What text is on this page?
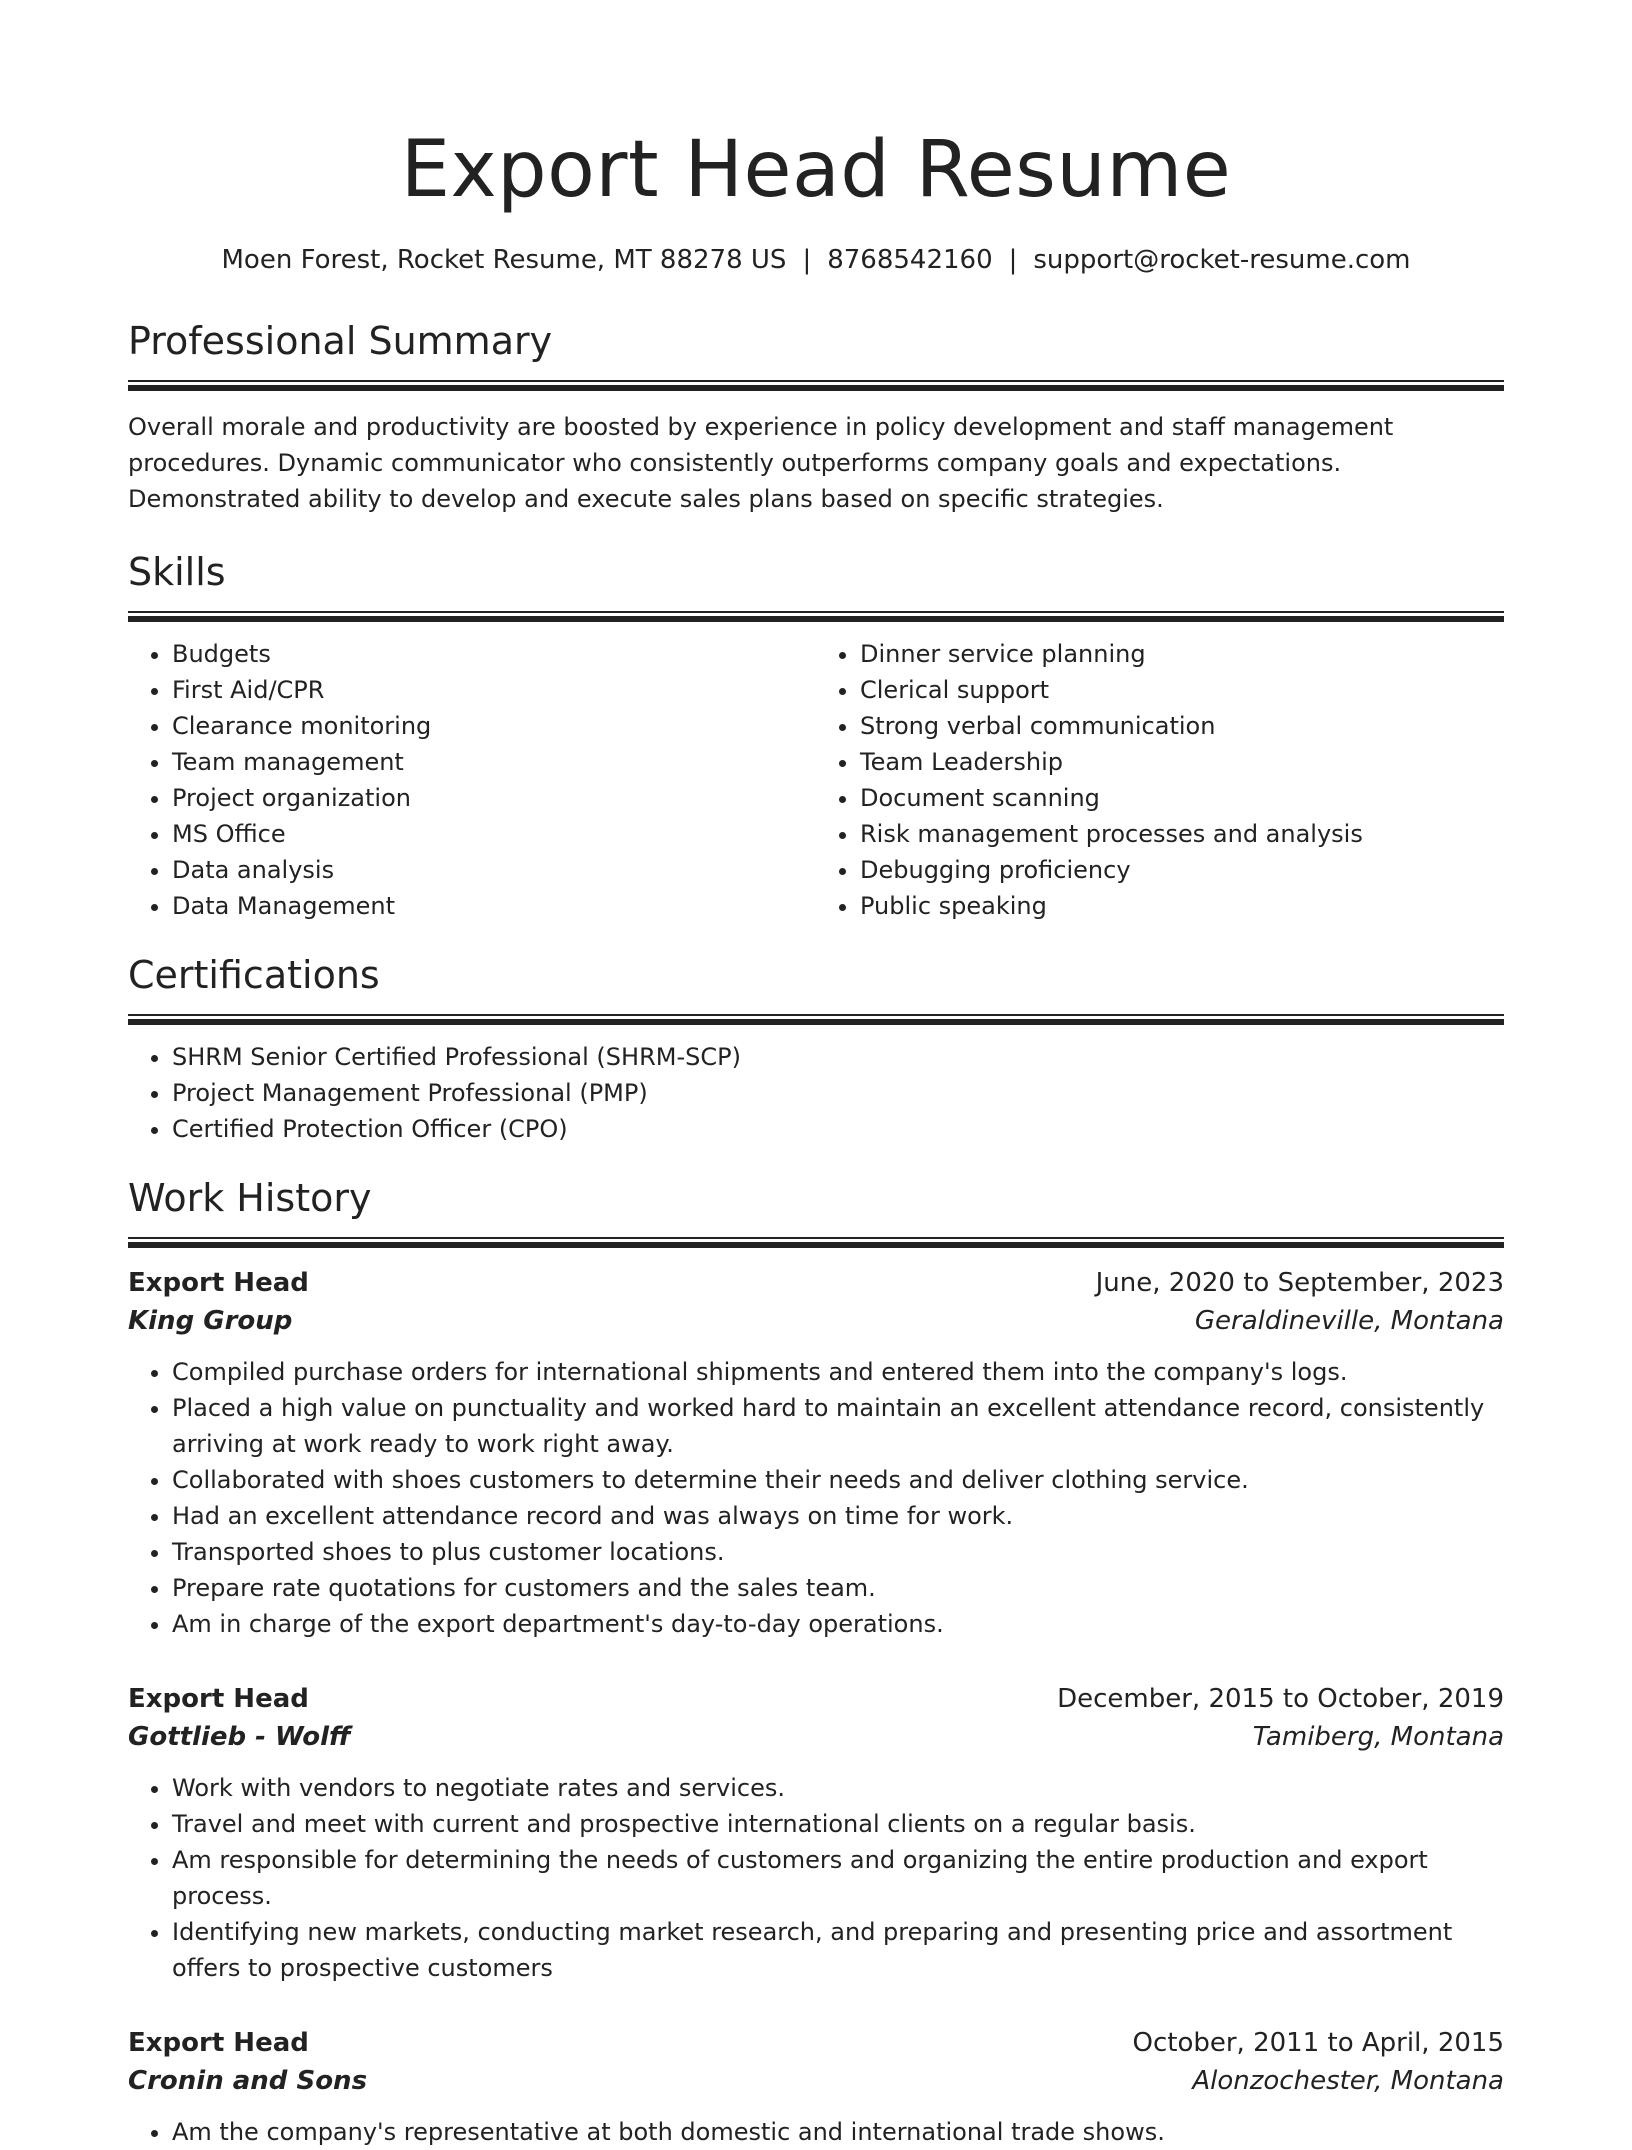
Export Head Resume
Moen Forest, Rocket Resume, MT 88278 US | 8768542160 | support@rocket-resume.com
Professional Summary

Overall morale and productivity are boosted by experience in policy development and staff management procedures. Dynamic communicator who consistently outperforms company goals and expectations. Demonstrated ability to develop and execute sales plans based on specific strategies.

Skills
• Budgets
• First Aid/CPR
• Clearance monitoring
• Team management
• Project organization
• MS Office
• Data analysis
• Data Management
• Dinner service planning
• Clerical support
• Strong verbal communication
• Team Leadership
• Document scanning
• Risk management processes and analysis
• Debugging proficiency
• Public speaking
Certifications
• SHRM Senior Certified Professional (SHRM-SCP)
• Project Management Professional (PMP)
• Certified Protection Officer (CPO)
Work History
Export Head	June, 2020 to September, 2023
King Group	Geraldineville, Montana
• Compiled purchase orders for international shipments and entered them into the company's logs.
• Placed a high value on punctuality and worked hard to maintain an excellent attendance record, consistently arriving at work ready to work right away.
• Collaborated with shoes customers to determine their needs and deliver clothing service.
• Had an excellent attendance record and was always on time for work.
• Transported shoes to plus customer locations.
• Prepare rate quotations for customers and the sales team.
• Am in charge of the export department's day-to-day operations.
Export Head	December, 2015 to October, 2019
Gottlieb - Wolff	Tamiberg, Montana
• Work with vendors to negotiate rates and services.
• Travel and meet with current and prospective international clients on a regular basis.
• Am responsible for determining the needs of customers and organizing the entire production and export process.
• Identifying new markets, conducting market research, and preparing and presenting price and assortment offers to prospective customers
Export Head	October, 2011 to April, 2015
Cronin and Sons	Alonzochester, Montana
• Am the company's representative at both domestic and international trade shows.
